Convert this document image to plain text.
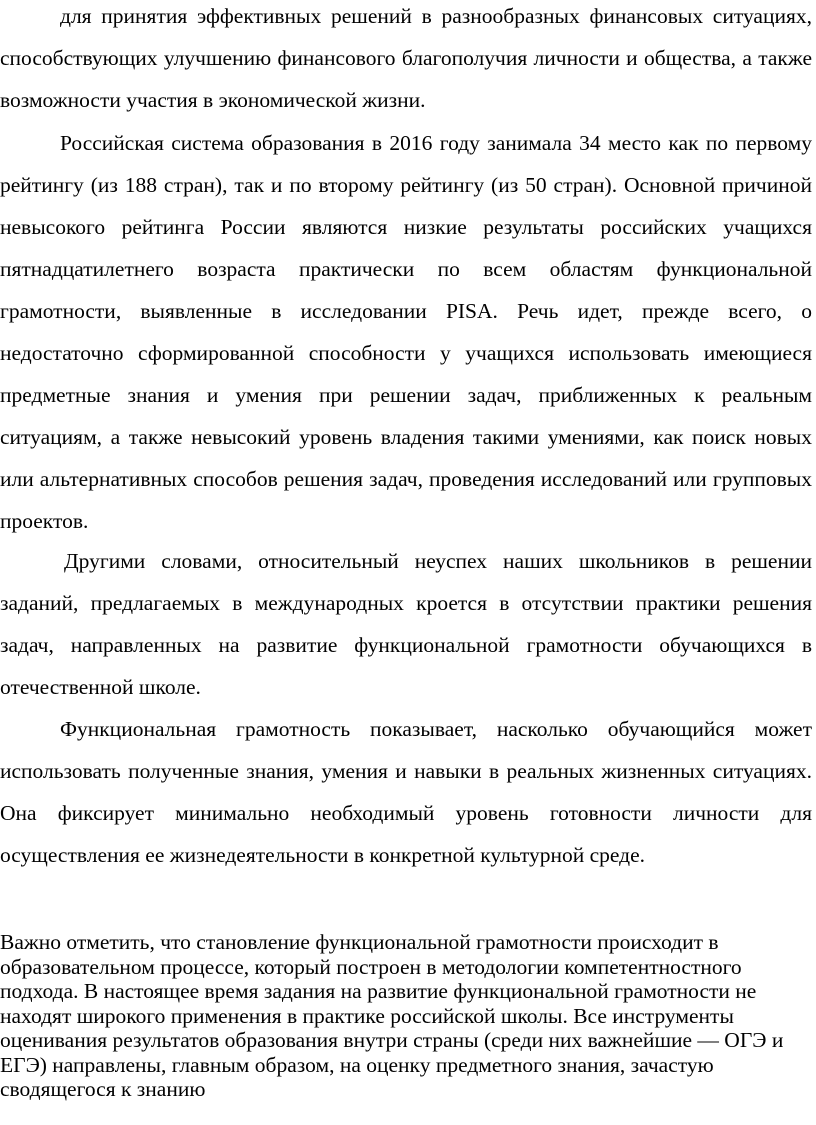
для принятия эффективных решений в разнообразных финансовых ситуациях, способствующих улучшению финансового благополучия личности и общества, а также возможности участия в экономической жизни.

Российская система образования в 2016 году занимала 34 место как по первому рейтингу (из 188 стран), так и по второму рейтингу (из 50 стран). Основной причиной невысокого рейтинга России являются низкие результаты российских учащихся пятнадцатилетнего возраста практически по всем областям функциональной грамотности, выявленные в исследовании PISA. Речь идет, прежде всего, о недостаточно сформированной способности у учащихся использовать имеющиеся предметные знания и умения при решении задач, приближенных к реальным ситуациям, а также невысокий уровень владения такими умениями, как поиск новых или альтернативных способов решения задач, проведения исследований или групповых проектов.

Другими словами, относительный неуспех наших школьников в решении заданий, предлагаемых в международных кроется в отсутствии практики решения задач, направленных на развитие функциональной грамотности обучающихся в отечественной школе.

Функциональная грамотность показывает, насколько обучающийся может использовать полученные знания, умения и навыки в реальных жизненных ситуациях. Она фиксирует минимально необходимый уровень готовности личности для осуществления ее жизнедеятельности в конкретной культурной среде.

Важно отметить, что становление функциональной грамотности происходит в образовательном процессе, который построен в методологии компетентностного подхода. В настоящее время задания на развитие функциональной грамотности не находят широкого применения в практике российской школы. Все инструменты оценивания результатов образования внутри страны (среди них важнейшие — ОГЭ и ЕГЭ) направлены, главным образом, на оценку предметного знания, зачастую сводящегося к знанию
